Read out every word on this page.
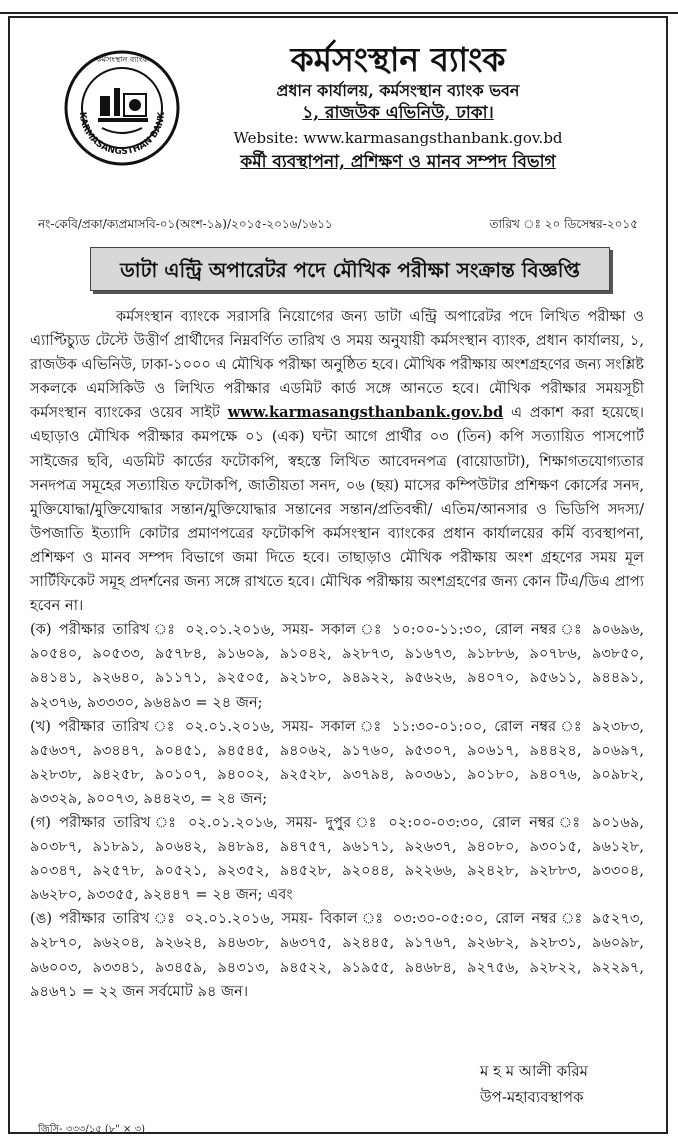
KARMASANGSTHAN BANK
কর্মসংস্থান ব্যাংক	কর্মসংস্থান ব্যাংক
প্রধান কার্যালয়, কর্মসংস্থান ব্যাংক ভবন
১, রাজউক এভিনিউ, ঢাকা।
Website: www.karmasangsthanbank.gov.bd
কর্মী ব্যবস্থাপনা, প্রশিক্ষণ ও মানব সম্পদ বিভাগ
নং-কেবি/প্রকা/ক্যপ্রমাসবি-০১(অংশ-১৯)/২০১৫-২০১৬/১৬১১	তারিখ ঃ ২০ ডিসেম্বর-২০১৫
ডাটা এন্ট্রি অপারেটর পদে মৌখিক পরীক্ষা সংক্রান্ত বিজ্ঞপ্তি

কর্মসংস্থান ব্যাংকে সরাসরি নিয়োগের জন্য ডাটা এন্ট্রি অপারেটর পদে লিখিত পরীক্ষা ও এ্যাপ্টিচ্যুড টেস্টে উত্তীর্ণ প্রার্থীদের নিম্নবর্ণিত তারিখ ও সময় অনুযায়ী কর্মসংস্থান ব্যাংক, প্রধান কার্যালয়, ১, রাজউক এভিনিউ, ঢাকা-১০০০ এ মৌখিক পরীক্ষা অনুষ্ঠিত হবে। মৌখিক পরীক্ষায় অংশগ্রহণের জন্য সংশ্লিষ্ট সকলকে এমসিকিউ ও লিখিত পরীক্ষার এডমিট কার্ড সঙ্গে আনতে হবে। মৌখিক পরীক্ষার সময়সূচী কর্মসংস্থান ব্যাংকের ওয়েব সাইট www.karmasangsthanbank.gov.bd এ প্রকাশ করা হয়েছে। এছাড়াও মৌখিক পরীক্ষার কমপক্ষে ০১ (এক) ঘন্টা আগে প্রার্থীর ০৩ (তিন) কপি সত্যায়িত পাসপোর্ট সাইজের ছবি, এডমিট কার্ডের ফটোকপি, স্বহস্তে লিখিত আবেদনপত্র (বায়োডাটা), শিক্ষাগতযোগ্যতার সনদপত্র সমূহের সত্যায়িত ফটোকপি, জাতীয়তা সনদ, ০৬ (ছয়) মাসের কম্পিউটার প্রশিক্ষণ কোর্সের সনদ, মুক্তিযোদ্ধা/মুক্তিযোদ্ধার সন্তান/মুক্তিযোদ্ধার সন্তানের সন্তান/প্রতিবন্ধী/ এতিম/আনসার ও ভিডিপি সদস্য/উপজাতি ইত্যাদি কোটার প্রমাণপত্রের ফটোকপি কর্মসংস্থান ব্যাংকের প্রধান কার্যালয়ের কর্মি ব্যবস্থাপনা, প্রশিক্ষণ ও মানব সম্পদ বিভাগে জমা দিতে হবে। তাছাড়াও মৌখিক পরীক্ষায় অংশ গ্রহণের সময় মূল সার্টিফিকেট সমূহ প্রদর্শনের জন্য সঙ্গে রাখতে হবে। মৌখিক পরীক্ষায় অংশগ্রহণের জন্য কোন টিএ/ডিএ প্রাপ্য হবেন না।

(ক) পরীক্ষার তারিখ ঃ ০২.০১.২০১৬, সময়- সকাল ঃ ১০:০০-১১:৩০, রোল নম্বর ঃ ৯০৬৯৬, ৯০৫৪০, ৯০৫৩৩, ৯৫৭৮৪, ৯১৬০৯, ৯১০৪২, ৯২৮৭৩, ৯১৬৭৩, ৯১৮৮৬, ৯০৭৮৬, ৯৩৮৫০, ৯৪১৪১, ৯২৬৪০, ৯১১৭১, ৯২৫০৫, ৯২১৮০, ৯৪৯২২, ৯৫৬২৬, ৯৪০৭০, ৯৫৬১১, ৯৪৪৯১, ৯২৩৭৬, ৯৩৩৩০, ৯৬৪৯৩ = ২৪ জন;

(খ) পরীক্ষার তারিখ ঃ ০২.০১.২০১৬, সময়- সকাল ঃ ১১:৩০-০১:০০, রোল নম্বর ঃ ৯২৩৮৩, ৯৫৬৩৭, ৯৩৪৪৭, ৯০৪৫১, ৯৪৫৪৫, ৯৪০৬২, ৯১৭৬০, ৯৫৩০৭, ৯০৬১৭, ৯৪৪২৪, ৯০৬৯৭, ৯২৮৩৮, ৯৪২৫৮, ৯০১০৭, ৯৪০০২, ৯২৫২৮, ৯৩৭৯৪, ৯০৩৬১, ৯০১৮০, ৯৪০৭৬, ৯০৯৮২, ৯৩৩২৯, ৯০০৭৩, ৯৪৪২৩, = ২৪ জন;

(গ) পরীক্ষার তারিখ ঃ ০২.০১.২০১৬, সময়- দুপুর ঃ ০২:০০-০৩:৩০, রোল নম্বর ঃ ৯০১৬৯, ৯০৩৮৭, ৯১৮৯১, ৯০৬৪২, ৯৪৮৯৪, ৯৪৭৫৭, ৯৬১৭১, ৯২৬৩৭, ৯৪০৮০, ৯৩০১৫, ৯৬১২৮, ৯০৩৪৭, ৯২৫৭৮, ৯০৫২১, ৯২৩৫২, ৯৪৫২৮, ৯২০৪৪, ৯২২৬৬, ৯২৪২৮, ৯২৮৮৩, ৯৩৩০৪, ৯৬২৮০, ৯৩৩৫৫, ৯২৪৪৭ = ২৪ জন; এবং

(ঙ) পরীক্ষার তারিখ ঃ ০২.০১.২০১৬, সময়- বিকাল ঃ ০৩:৩০-০৫:০০, রোল নম্বর ঃ ৯৫২৭৩, ৯২৮৭০, ৯৬২০৪, ৯২৬২৪, ৯৪৬৩৮, ৯৬৩৭৫, ৯২৪৪৫, ৯১৭৬৭, ৯২৬৮২, ৯২৮৩১, ৯৬০৯৮, ৯৬০০৩, ৯৩৩৪১, ৯৩৪৫৯, ৯৪৩১৩, ৯৪৫২২, ৯১৯৫৫, ৯৪৬৮৪, ৯২৭৫৬, ৯২৮২২, ৯২২৯৭, ৯৪৬৭১ = ২২ জন সর্বমোট ৯৪ জন।

ম হ ম আলী করিম
উপ-মহাব্যবস্থাপক
জিসি- ৩৩৩/১৫ (৮" × ৩)
